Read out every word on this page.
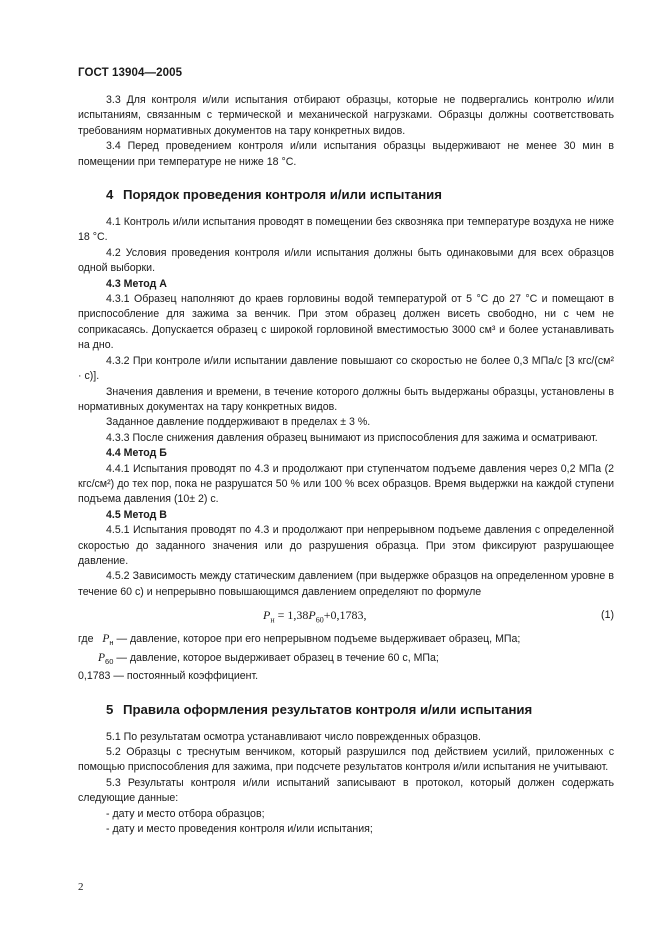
ГОСТ 13904—2005

3.3 Для контроля и/или испытания отбирают образцы, которые не подвергались контролю и/или испытаниям, связанным с термической и механической нагрузками. Образцы должны соответствовать требованиям нормативных документов на тару конкретных видов.

3.4 Перед проведением контроля и/или испытания образцы выдерживают не менее 30 мин в помещении при температуре не ниже 18 °С.

4 Порядок проведения контроля и/или испытания

4.1 Контроль и/или испытания проводят в помещении без сквозняка при температуре воздуха не ниже 18 °С.

4.2 Условия проведения контроля и/или испытания должны быть одинаковыми для всех образцов одной выборки.

4.3 Метод А

4.3.1 Образец наполняют до краев горловины водой температурой от 5 °С до 27 °С и помещают в приспособление для зажима за венчик. При этом образец должен висеть свободно, ни с чем не соприкасаясь. Допускается образец с широкой горловиной вместимостью 3000 см³ и более устанавливать на дно.

4.3.2 При контроле и/или испытании давление повышают со скоростью не более 0,3 МПа/с [3 кгс/(см² · с)].

Значения давления и времени, в течение которого должны быть выдержаны образцы, установлены в нормативных документах на тару конкретных видов.

Заданное давление поддерживают в пределах ± 3 %.

4.3.3 После снижения давления образец вынимают из приспособления для зажима и осматривают.

4.4 Метод Б

4.4.1 Испытания проводят по 4.3 и продолжают при ступенчатом подъеме давления через 0,2 МПа (2 кгс/см²) до тех пор, пока не разрушатся 50 % или 100 % всех образцов. Время выдержки на каждой ступени подъема давления (10± 2) с.

4.5 Метод В

4.5.1 Испытания проводят по 4.3 и продолжают при непрерывном подъеме давления с определенной скоростью до заданного значения или до разрушения образца. При этом фиксируют разрушающее давление.

4.5.2 Зависимость между статическим давлением (при выдержке образцов на определенном уровне в течение 60 с) и непрерывно повышающимся давлением определяют по формуле

$P_н = 1,38P_{60}+0,1783$,	(1)

где $P_н$ — давление, которое при его непрерывном подъеме выдерживает образец, МПа;

$P_{60}$ — давление, которое выдерживает образец в течение 60 с, МПа;

0,1783 — постоянный коэффициент.

5 Правила оформления результатов контроля и/или испытания

5.1 По результатам осмотра устанавливают число поврежденных образцов.

5.2 Образцы с треснутым венчиком, который разрушился под действием усилий, приложенных с помощью приспособления для зажима, при подсчете результатов контроля и/или испытания не учитывают.

5.3 Результаты контроля и/или испытаний записывают в протокол, который должен содержать следующие данные:

- дату и место отбора образцов;

- дату и место проведения контроля и/или испытания;

2
